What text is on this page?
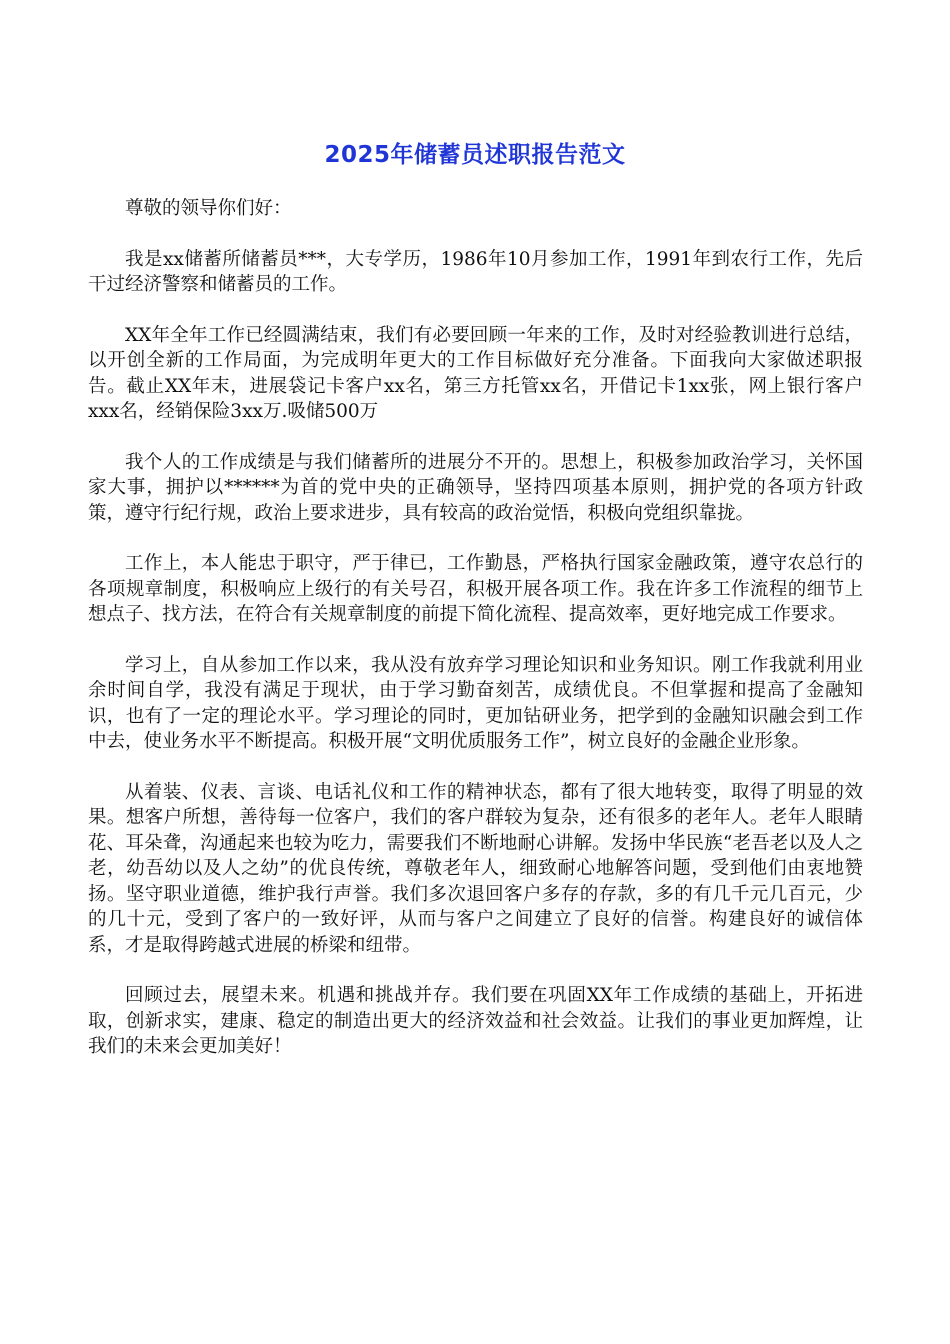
2025年储蓄员述职报告范文

尊敬的领导你们好：

我是xx储蓄所储蓄员***，大专学历，1986年10月参加工作，1991年到农行工作，先后干过经济警察和储蓄员的工作。

XX年全年工作已经圆满结束，我们有必要回顾一年来的工作，及时对经验教训进行总结，以开创全新的工作局面，为完成明年更大的工作目标做好充分准备。下面我向大家做述职报告。截止XX年末，进展袋记卡客户xx名，第三方托管xx名，开借记卡1xx张，网上银行客户xxx名，经销保险3xx万.吸储500万

我个人的工作成绩是与我们储蓄所的进展分不开的。思想上，积极参加政治学习，关怀国家大事，拥护以******为首的党中央的正确领导，坚持四项基本原则，拥护党的各项方针政策，遵守行纪行规，政治上要求进步，具有较高的政治觉悟，积极向党组织靠拢。

工作上，本人能忠于职守，严于律已，工作勤恳，严格执行国家金融政策，遵守农总行的各项规章制度，积极响应上级行的有关号召，积极开展各项工作。我在许多工作流程的细节上想点子、找方法，在符合有关规章制度的前提下简化流程、提高效率，更好地完成工作要求。

学习上，自从参加工作以来，我从没有放弃学习理论知识和业务知识。刚工作我就利用业余时间自学，我没有满足于现状，由于学习勤奋刻苦，成绩优良。不但掌握和提高了金融知识，也有了一定的理论水平。学习理论的同时，更加钻研业务，把学到的金融知识融会到工作中去，使业务水平不断提高。积极开展“文明优质服务工作”，树立良好的金融企业形象。

从着装、仪表、言谈、电话礼仪和工作的精神状态，都有了很大地转变，取得了明显的效果。想客户所想，善待每一位客户，我们的客户群较为复杂，还有很多的老年人。老年人眼睛花、耳朵聋，沟通起来也较为吃力，需要我们不断地耐心讲解。发扬中华民族“老吾老以及人之老，幼吾幼以及人之幼”的优良传统，尊敬老年人，细致耐心地解答问题，受到他们由衷地赞扬。坚守职业道德，维护我行声誉。我们多次退回客户多存的存款，多的有几千元几百元，少的几十元，受到了客户的一致好评，从而与客户之间建立了良好的信誉。构建良好的诚信体系，才是取得跨越式进展的桥梁和纽带。

回顾过去，展望未来。机遇和挑战并存。我们要在巩固XX年工作成绩的基础上，开拓进取，创新求实，建康、稳定的制造出更大的经济效益和社会效益。让我们的事业更加辉煌，让我们的未来会更加美好！
